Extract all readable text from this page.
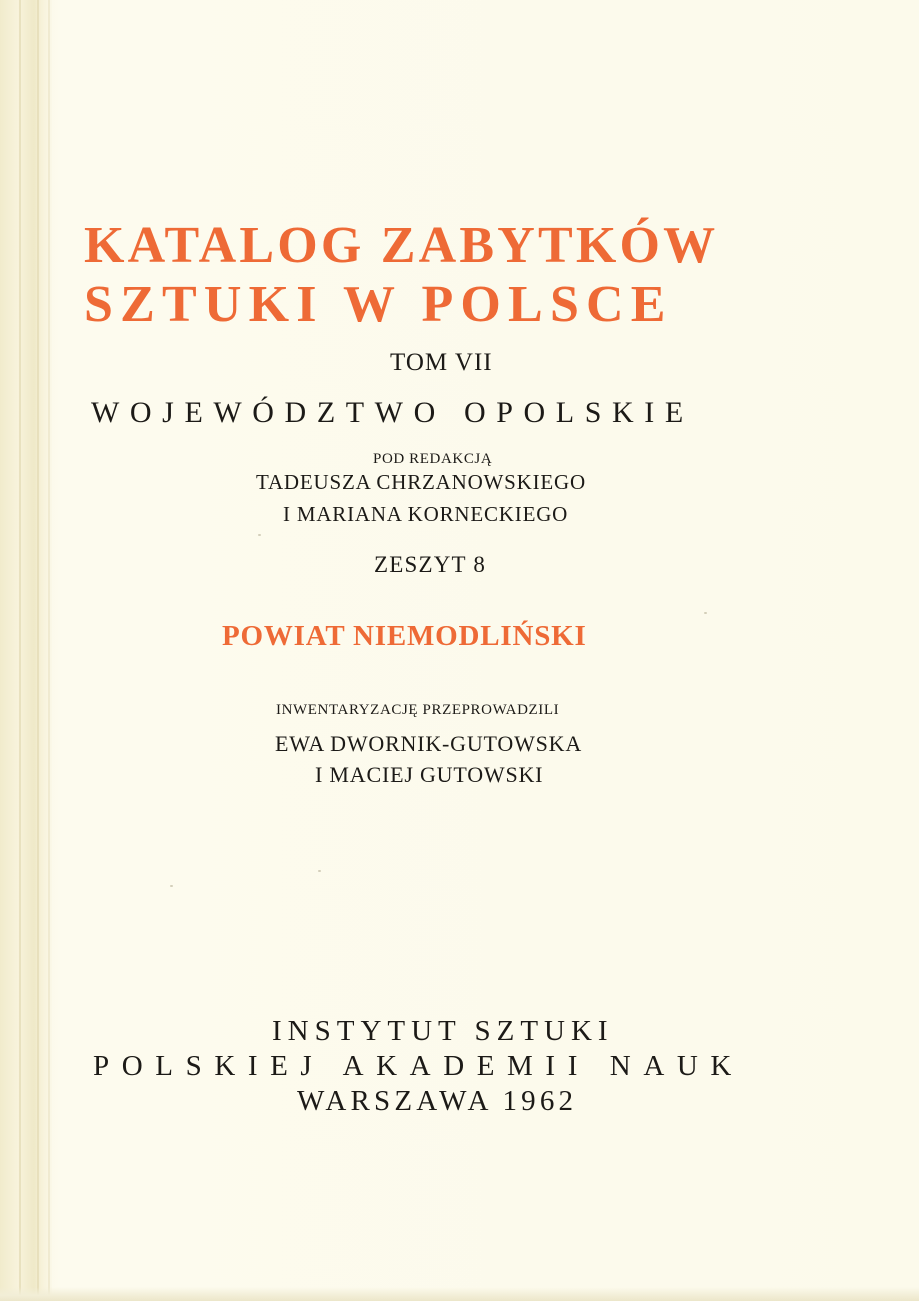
KATALOG ZABYTKÓW
SZTUKI W POLSCE
TOM VII
WOJEWÓDZTWO OPOLSKIE
POD REDAKCJĄ
TADEUSZA CHRZANOWSKIEGO
I MARIANA KORNECKIEGO
ZESZYT 8
POWIAT NIEMODLIŃSKI
INWENTARYZACJĘ PRZEPROWADZILI
EWA DWORNIK-GUTOWSKA
I MACIEJ GUTOWSKI
INSTYTUT SZTUKI
POLSKIEJ AKADEMII NAUK
WARSZAWA 1962
